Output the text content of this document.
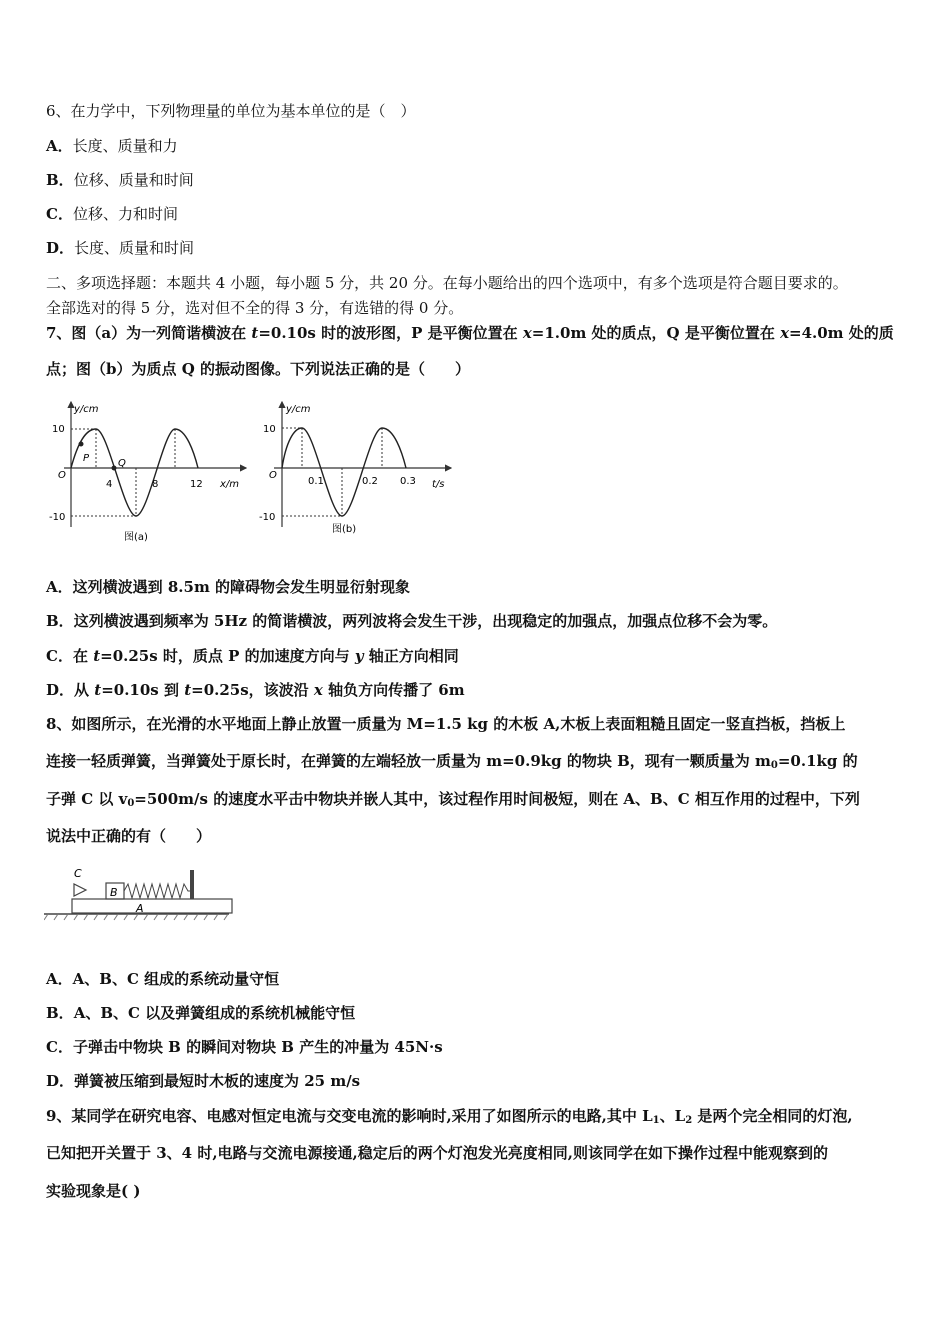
6、在力学中，下列物理量的单位为基本单位的是（　）
A．长度、质量和力
B．位移、质量和时间
C．位移、力和时间
D．长度、质量和时间
二、多项选择题：本题共 4 小题，每小题 5 分，共 20 分。在每小题给出的四个选项中，有多个选项是符合题目要求的。
全部选对的得 5 分，选对但不全的得 3 分，有选错的得 0 分。
7、图（a）为一列简谐横波在 t=0.10s 时的波形图，P 是平衡位置在 x=1.0m 处的质点，Q 是平衡位置在 x=4.0m 处的质
点；图（b）为质点 Q 的振动图像。下列说法正确的是（　　）
y/cm
x/m
10
-10
O
P	Q
4	8	12
图(a)
y/cm
t/s
10
-10
O
0.1	0.2 0.3
图(b)
A．这列横波遇到 8.5m 的障碍物会发生明显衍射现象
B．这列横波遇到频率为 5Hz 的简谐横波，两列波将会发生干涉，出现稳定的加强点，加强点位移不会为零。
C．在 t=0.25s 时，质点 P 的加速度方向与 y 轴正方向相同
D．从 t=0.10s 到 t=0.25s，该波沿 x 轴负方向传播了 6m
8、如图所示，在光滑的水平地面上静止放置一质量为 M=1.5 kg 的木板 A,木板上表面粗糙且固定一竖直挡板，挡板上
连接一轻质弹簧，当弹簧处于原长时，在弹簧的左端轻放一质量为 m=0.9kg 的物块 B，现有一颗质量为 $m_0=0.1kg$ 的
子弹 C 以 $v_0=500m/s$ 的速度水平击中物块并嵌人其中，该过程作用时间极短，则在 A、B、C 相互作用的过程中，下列
说法中正确的有（　　）
C
B
A
A．A、B、C 组成的系统动量守恒
B．A、B、C 以及弹簧组成的系统机械能守恒
C．子弹击中物块 B 的瞬间对物块 B 产生的冲量为 45N·s
D．弹簧被压缩到最短时木板的速度为 25 m/s
9、某同学在研究电容、电感对恒定电流与交变电流的影响时,采用了如图所示的电路,其中 $L_1$、$L_2$ 是两个完全相同的灯泡,
已知把开关置于 3、4 时,电路与交流电源接通,稳定后的两个灯泡发光亮度相同,则该同学在如下操作过程中能观察到的
实验现象是( )
